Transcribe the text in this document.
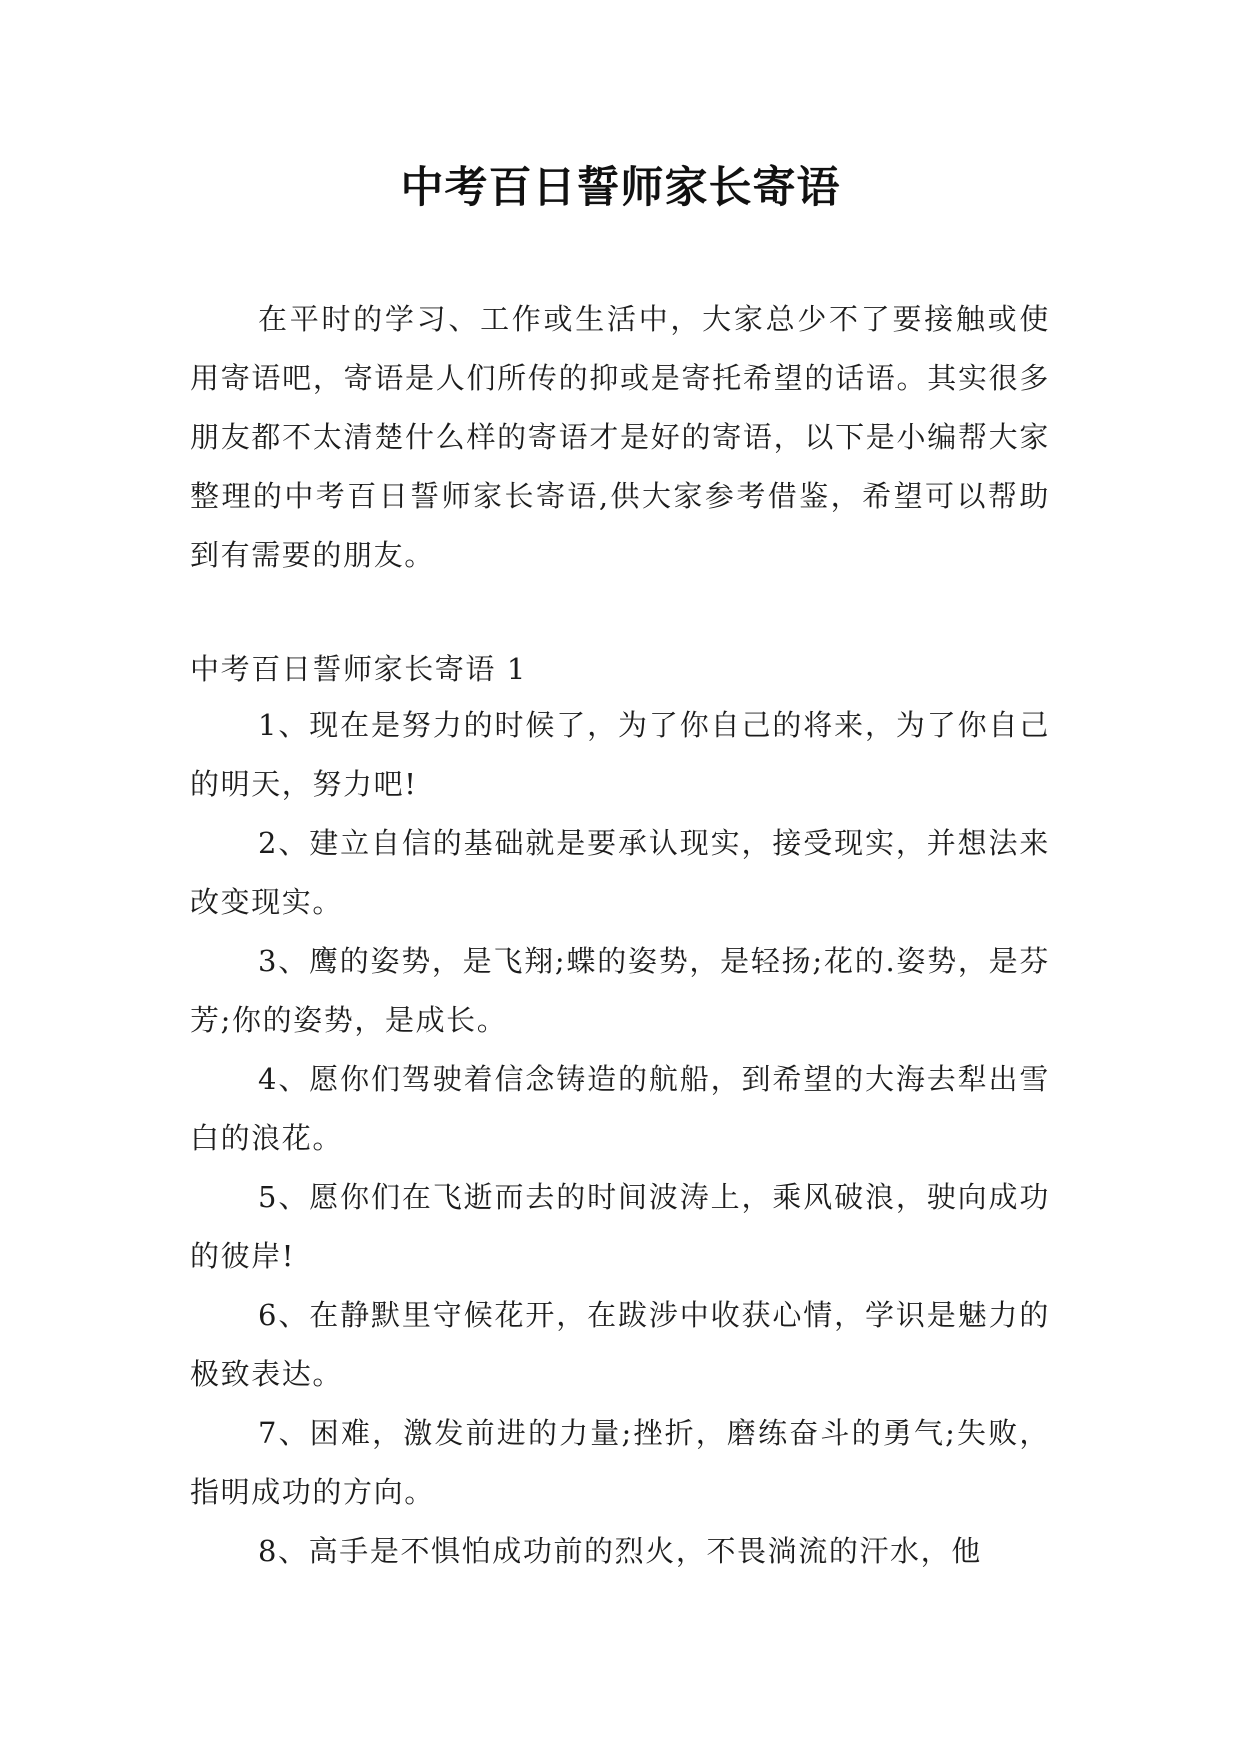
中考百日誓师家长寄语

在平时的学习、工作或生活中，大家总少不了要接触或使用寄语吧，寄语是人们所传的抑或是寄托希望的话语。其实很多朋友都不太清楚什么样的寄语才是好的寄语，以下是小编帮大家整理的中考百日誓师家长寄语,供大家参考借鉴，希望可以帮助到有需要的朋友。

中考百日誓师家长寄语 1

1、现在是努力的时候了，为了你自己的将来，为了你自己的明天，努力吧!

2、建立自信的基础就是要承认现实，接受现实，并想法来改变现实。

3、鹰的姿势，是飞翔;蝶的姿势，是轻扬;花的.姿势，是芬芳;你的姿势，是成长。

4、愿你们驾驶着信念铸造的航船，到希望的大海去犁出雪白的浪花。

5、愿你们在飞逝而去的时间波涛上，乘风破浪，驶向成功的彼岸!

6、在静默里守候花开，在跋涉中收获心情，学识是魅力的极致表达。

7、困难，激发前进的力量;挫折，磨练奋斗的勇气;失败，指明成功的方向。

8、高手是不惧怕成功前的烈火，不畏淌流的汗水，他
